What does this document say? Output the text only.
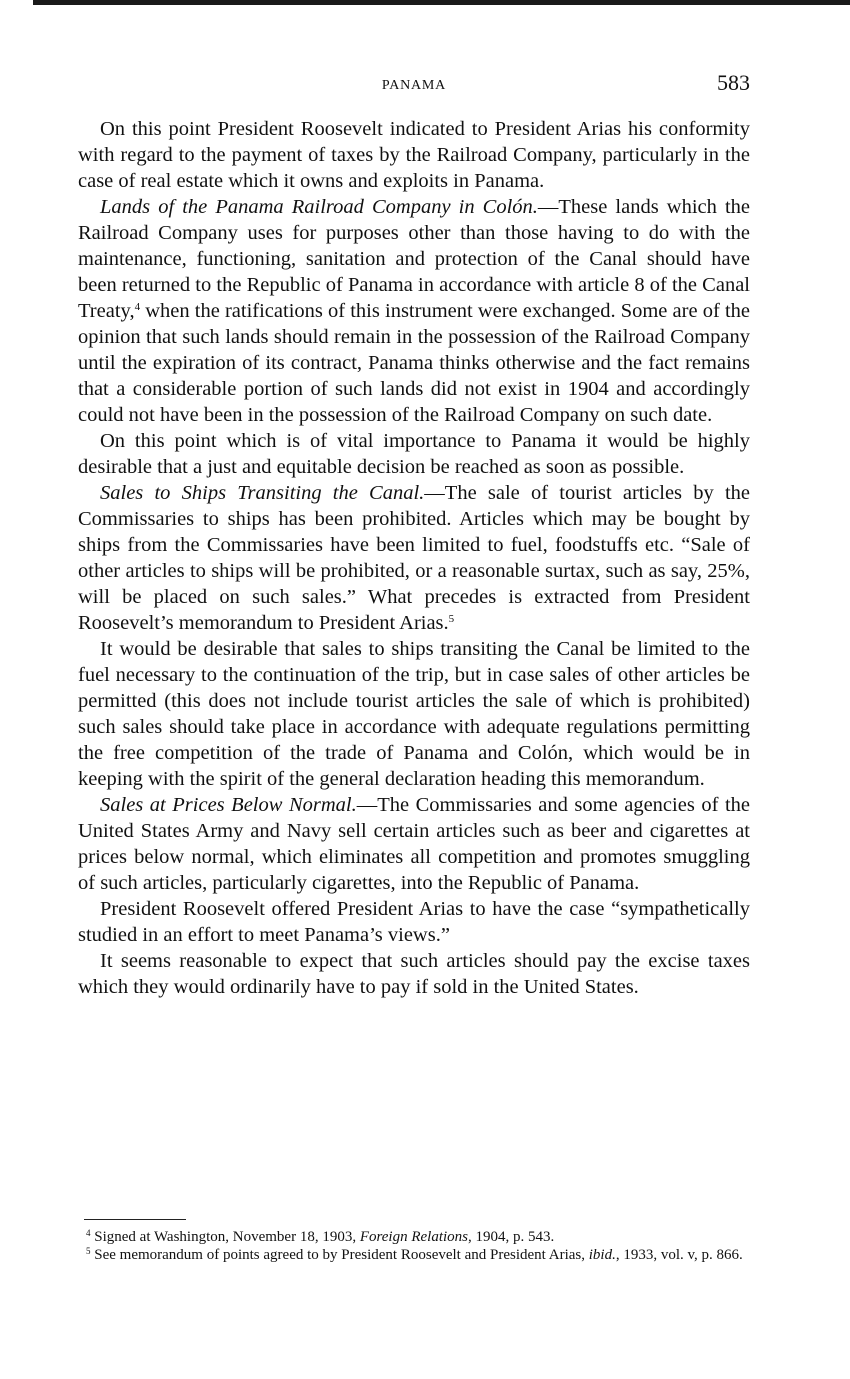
PANAMA	583

On this point President Roosevelt indicated to President Arias his conformity with regard to the payment of taxes by the Railroad Company, particularly in the case of real estate which it owns and exploits in Panama.

Lands of the Panama Railroad Company in Colón.—These lands which the Railroad Company uses for purposes other than those having to do with the maintenance, functioning, sanitation and protection of the Canal should have been returned to the Republic of Panama in accordance with article 8 of the Canal Treaty,$^4$ when the ratifications of this instrument were exchanged. Some are of the opinion that such lands should remain in the possession of the Railroad Company until the expiration of its contract, Panama thinks otherwise and the fact remains that a considerable portion of such lands did not exist in 1904 and accordingly could not have been in the possession of the Railroad Company on such date.

On this point which is of vital importance to Panama it would be highly desirable that a just and equitable decision be reached as soon as possible.

Sales to Ships Transiting the Canal.—The sale of tourist articles by the Commissaries to ships has been prohibited. Articles which may be bought by ships from the Commissaries have been limited to fuel, foodstuffs etc. “Sale of other articles to ships will be prohibited, or a reasonable surtax, such as say, 25%, will be placed on such sales.” What precedes is extracted from President Roosevelt’s memorandum to President Arias.$^5$

It would be desirable that sales to ships transiting the Canal be limited to the fuel necessary to the continuation of the trip, but in case sales of other articles be permitted (this does not include tourist articles the sale of which is prohibited) such sales should take place in accordance with adequate regulations permitting the free competition of the trade of Panama and Colón, which would be in keeping with the spirit of the general declaration heading this memorandum.

Sales at Prices Below Normal.—The Commissaries and some agencies of the United States Army and Navy sell certain articles such as beer and cigarettes at prices below normal, which eliminates all competition and promotes smuggling of such articles, particularly cigarettes, into the Republic of Panama.

President Roosevelt offered President Arias to have the case “sympathetically studied in an effort to meet Panama’s views.”

It seems reasonable to expect that such articles should pay the excise taxes which they would ordinarily have to pay if sold in the United States.

$^4$ Signed at Washington, November 18, 1903, Foreign Relations, 1904, p. 543.

$^5$ See memorandum of points agreed to by President Roosevelt and President Arias, ibid., 1933, vol. v, p. 866.
